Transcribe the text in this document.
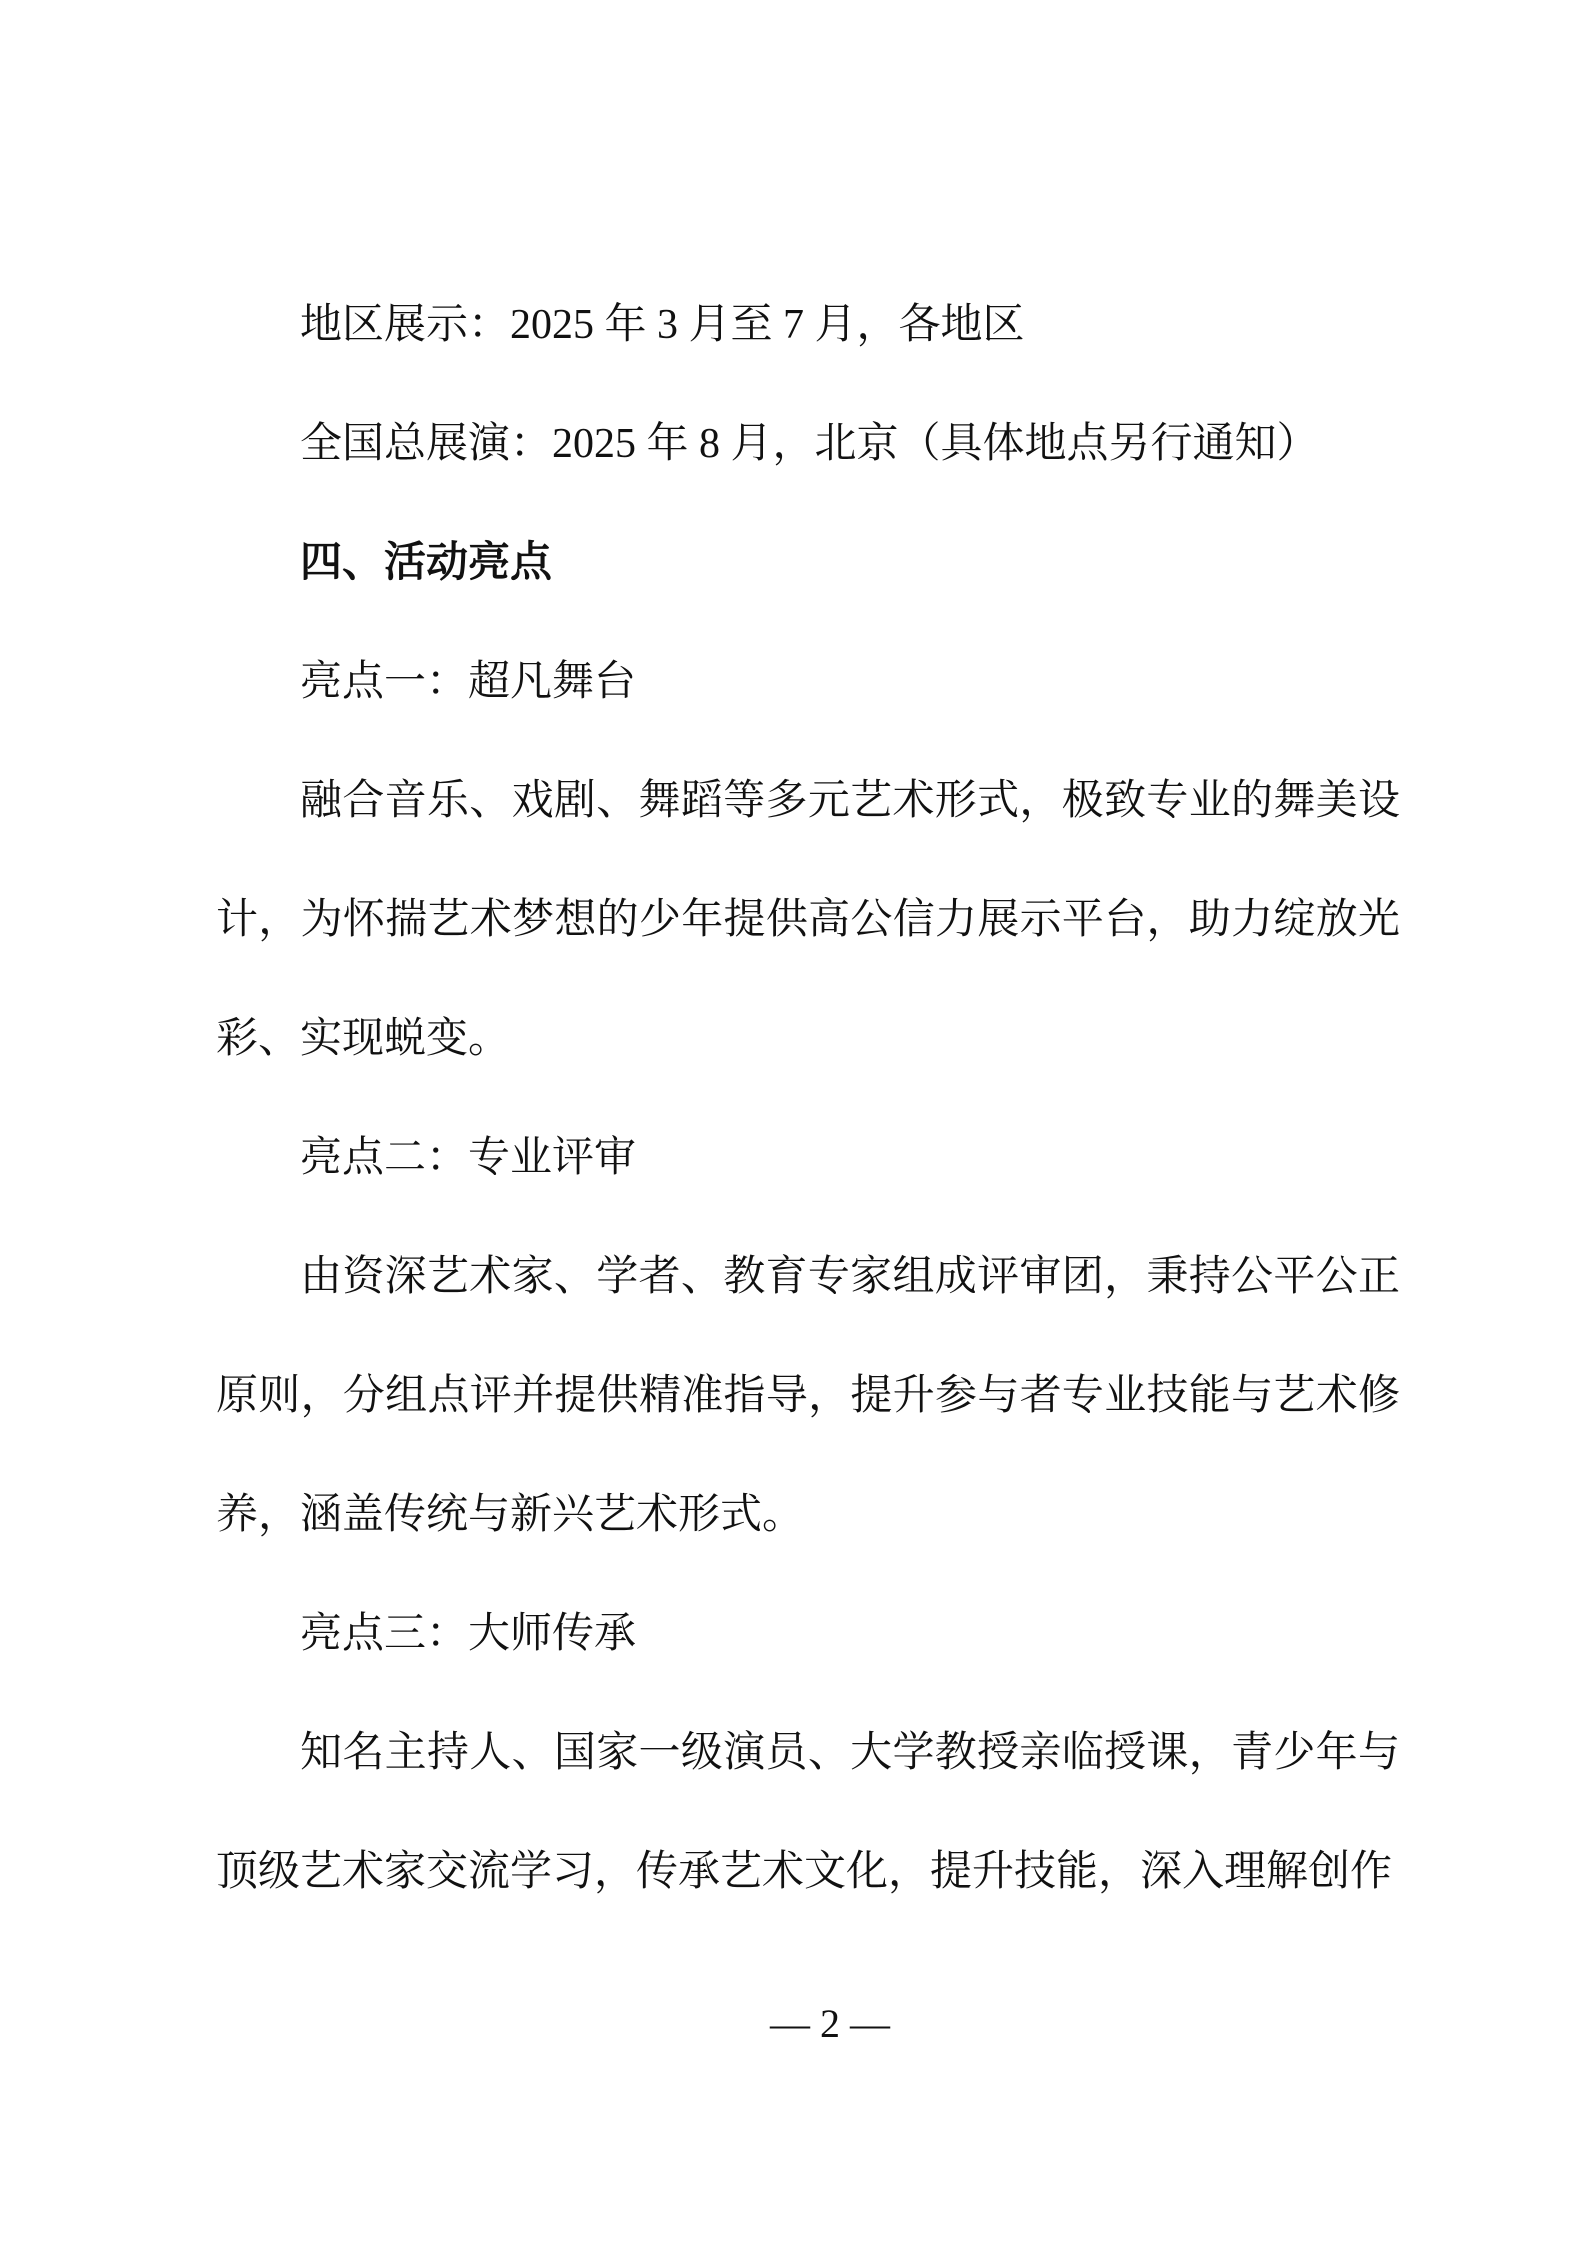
地区展示：2025 年 3 月至 7 月，各地区

全国总展演：2025 年 8 月，北京（具体地点另行通知）

四、活动亮点

亮点一：超凡舞台

融合音乐、戏剧、舞蹈等多元艺术形式，极致专业的舞美设计，为怀揣艺术梦想的少年提供高公信力展示平台，助力绽放光彩、实现蜕变。

亮点二：专业评审

由资深艺术家、学者、教育专家组成评审团，秉持公平公正原则，分组点评并提供精准指导，提升参与者专业技能与艺术修养，涵盖传统与新兴艺术形式。

亮点三：大师传承

知名主持人、国家一级演员、大学教授亲临授课，青少年与顶级艺术家交流学习，传承艺术文化，提升技能，深入理解创作

— 2 —
